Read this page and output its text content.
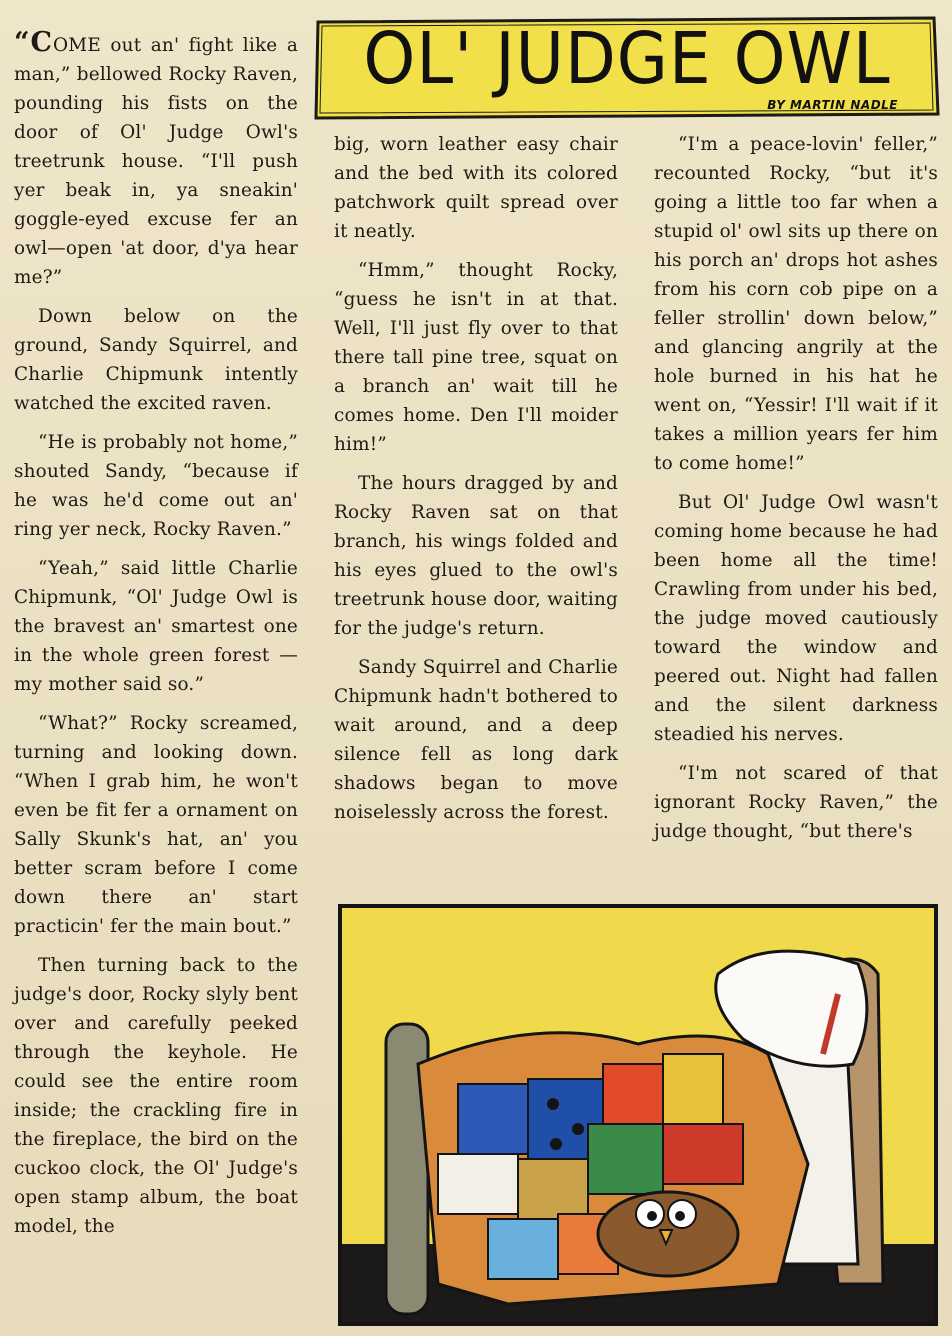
OL' JUDGE OWL
BY MARTIN NADLE

“COME out an' fight like a man,” bellowed Rocky Raven, pounding his fists on the door of Ol' Judge Owl's treetrunk house. “I'll push yer beak in, ya sneakin' goggle-eyed excuse fer an owl—open 'at door, d'ya hear me?”

Down below on the ground, Sandy Squirrel, and Charlie Chipmunk intently watched the excited raven.

“He is probably not home,” shouted Sandy, “because if he was he'd come out an' ring yer neck, Rocky Raven.”

“Yeah,” said little Charlie Chipmunk, “Ol' Judge Owl is the bravest an' smartest one in the whole green forest — my mother said so.”

“What?” Rocky screamed, turning and looking down. “When I grab him, he won't even be fit fer a ornament on Sally Skunk's hat, an' you better scram before I come down there an' start practicin' fer the main bout.”

Then turning back to the judge's door, Rocky slyly bent over and carefully peeked through the keyhole. He could see the entire room inside; the crackling fire in the fireplace, the bird on the cuckoo clock, the Ol' Judge's open stamp album, the boat model, the

big, worn leather easy chair and the bed with its colored patchwork quilt spread over it neatly.

“Hmm,” thought Rocky, “guess he isn't in at that. Well, I'll just fly over to that there tall pine tree, squat on a branch an' wait till he comes home. Den I'll moider him!”

The hours dragged by and Rocky Raven sat on that branch, his wings folded and his eyes glued to the owl's treetrunk house door, waiting for the judge's return.

Sandy Squirrel and Charlie Chipmunk hadn't bothered to wait around, and a deep silence fell as long dark shadows began to move noiselessly across the forest.

“I'm a peace-lovin' feller,” recounted Rocky, “but it's going a little too far when a stupid ol' owl sits up there on his porch an' drops hot ashes from his corn cob pipe on a feller strollin' down below,” and glancing angrily at the hole burned in his hat he went on, “Yessir! I'll wait if it takes a million years fer him to come home!”

But Ol' Judge Owl wasn't coming home because he had been home all the time! Crawling from under his bed, the judge moved cautiously toward the window and peered out. Night had fallen and the silent darkness steadied his nerves.

“I'm not scared of that ignorant Rocky Raven,” the judge thought, “but there's
